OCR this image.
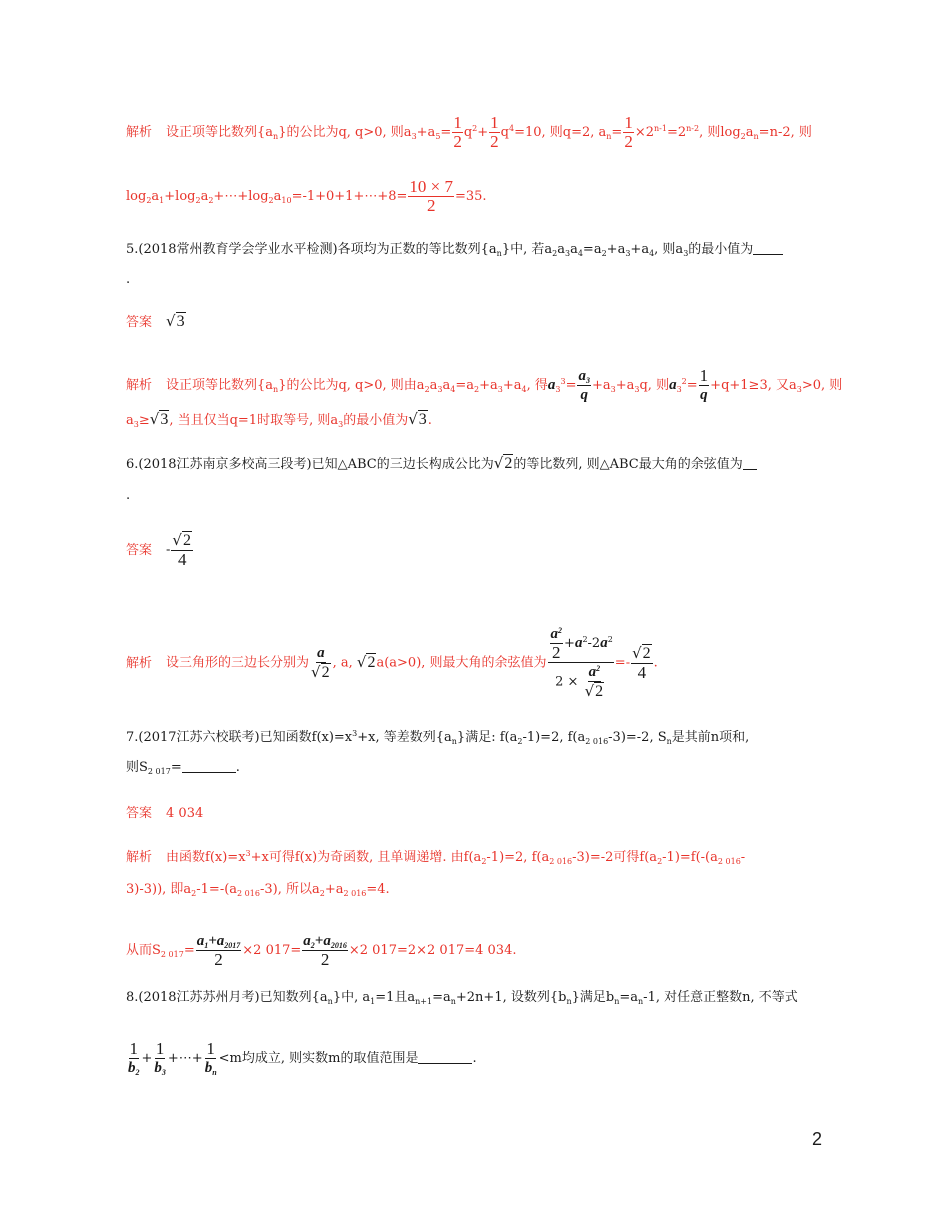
解析 设正项等比数列$\{a_n\}$的公比为q, q>0, 则$a_3+a_5= \frac{1}{2} q^2+ \frac{1}{2} q^4=10$, 则q=2, $a_n= \frac{1}{2} \times 2^{n-1}=2^{n-2}$, 则$\log_2a_n=n-2$, 则
$\log_2a_1+\log_2a_2+\cdots+\log_2a_{10}=-1+0+1+\cdots+8= \frac{10 \times 7}{2} =35$.
5.(2018常州教育学会学业水平检测)各项均为正数的等比数列$\{a_n\}$中, 若$a_2a_3a_4=a_2+a_3+a_4$, 则$a_3$的最小值为
.
答案 √3
解析 设正项等比数列$\{a_n\}$的公比为q, q>0, 则由$a_2a_3a_4=a_2+a_3+a_4$, 得$a_3^3= \frac{a_3}{q} +a_3+a_3q$, 则$a_3^2= \frac{1}{q} +q+1\ge 3$, 又$a_3>0$, 则
$a_3\ge√3$, 当且仅当q=1时取等号, 则$a_3$的最小值为√3.
6.(2018江苏南京多校高三段考)已知△ABC的三边长构成公比为√2的等比数列, 则△ABC最大角的余弦值为
.
答案 - $\frac{√2}{4}$
解析 设三角形的三边长分别为 $\frac{a}{√2}$ , a, √2a(a>0), 则最大角的余弦值为 $\frac{\frac{a^2}{2} +a^2-2a^2}{2 \times \frac{a^2}{√2}} =- \frac{√2}{4}$ .
7.(2017江苏六校联考)已知函数$f(x)=x^3+x$, 等差数列$\{a_n\}$满足: $f(a_2-1)=2$, $f(a_{2 016}-3)=-2$, $S_n$是其前n项和,
则$S_{2 017}=$	.
答案 4 034
解析 由函数$f(x)=x^3+x$可得f(x)为奇函数, 且单调递增. 由$f(a_2-1)=2$, $f(a_{2 016}-3)=-2$可得$f(a_2-1)=f(-(a_{2 016}-$
3)-3)), 即$a_2-1=-(a_{2 016}-3)$, 所以$a_2+a_{2 016}=4$.
从而$S_{2 017}= \frac{a_1+a_{2017}}{2} \times 2$ $017= \frac{a_2+a_{2016}}{2} \times 2$ 017=2×2 017=4 034.
8.(2018江苏苏州月考)已知数列$\{a_n\}$中, $a_1=1$且$a_{n+1}=a_n+2n+1$, 设数列$\{b_n\}$满足$b_n=a_n-1$, 对任意正整数n, 不等式
$\frac{1}{b_2} + \frac{1}{b_3}$ +⋯+ $\frac{1}{b_n} <m$均成立, 则实数m的取值范围是	.
2
